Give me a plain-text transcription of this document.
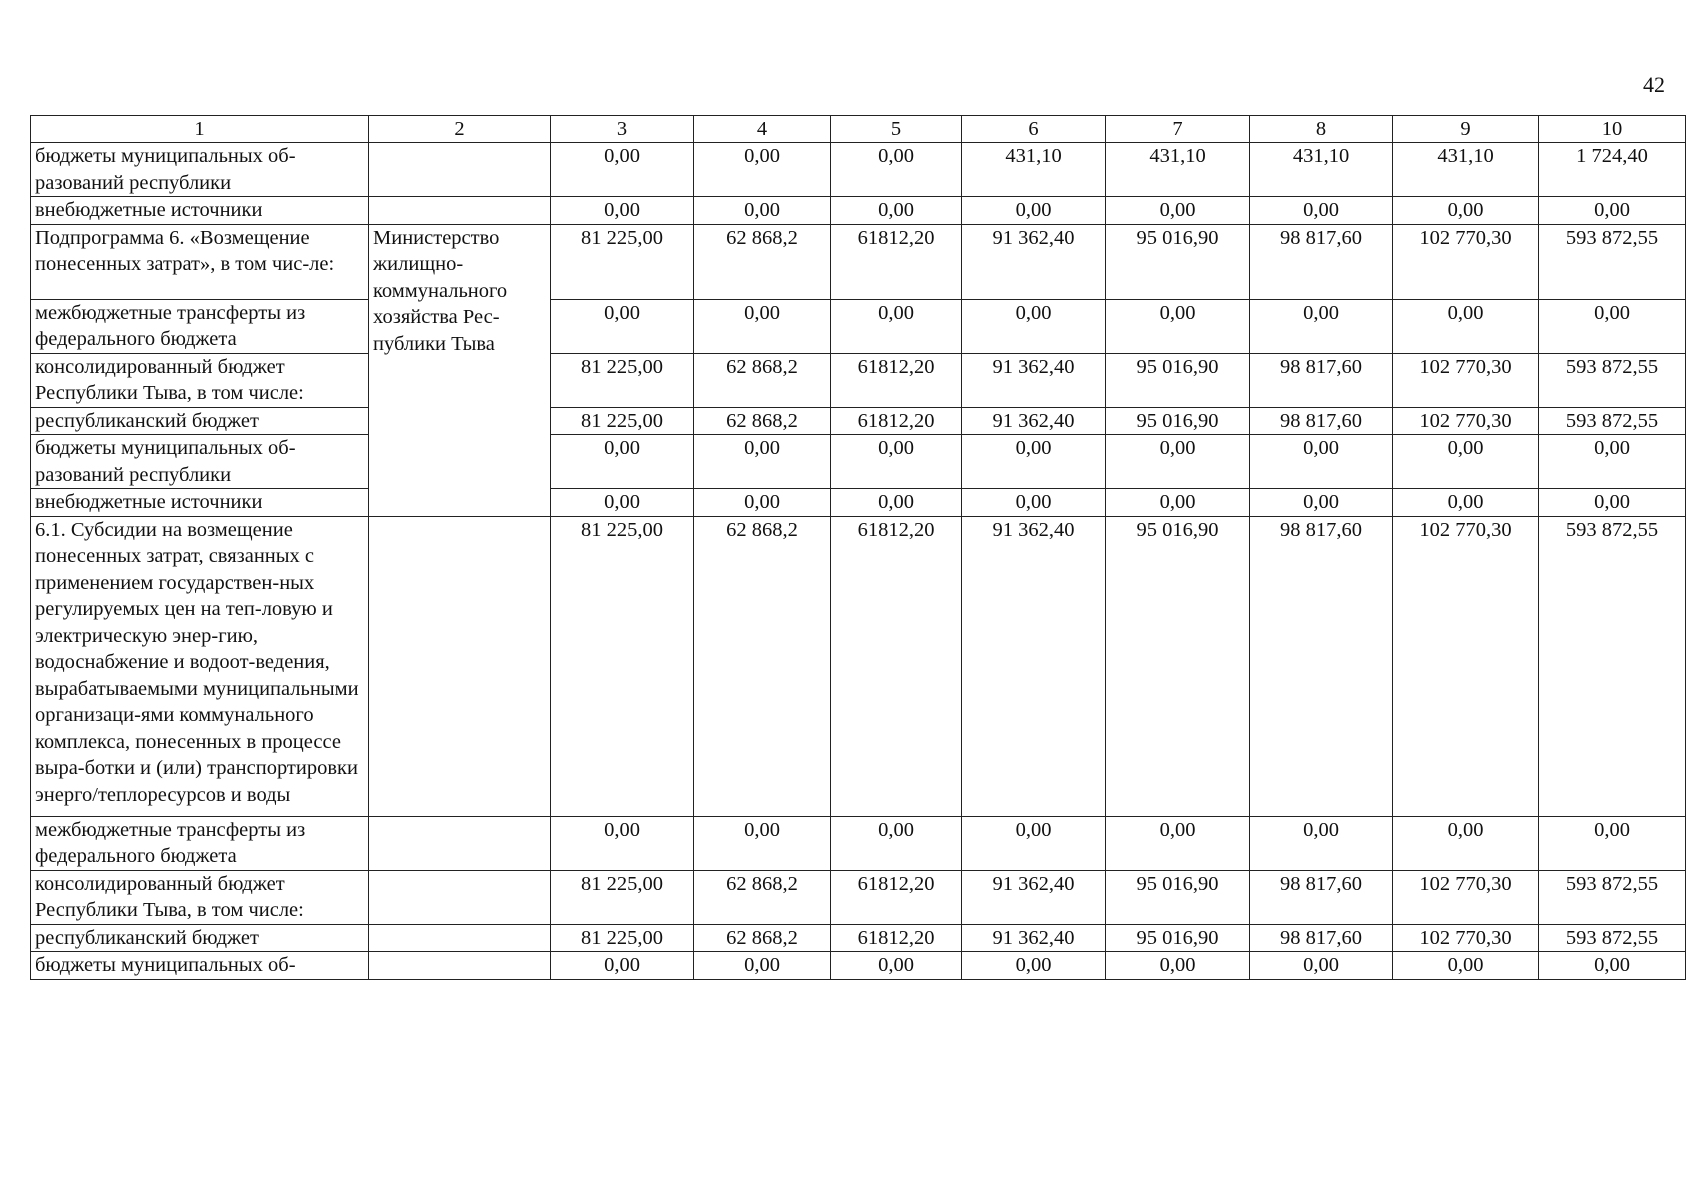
42
1	2	3	4	5	6	7	8	9	10
бюджеты муниципальных об-разований республики		0,00	0,00	0,00	431,10	431,10	431,10	431,10	1 724,40
внебюджетные источники		0,00	0,00	0,00	0,00	0,00	0,00	0,00	0,00
Подпрограмма 6. «Возмещение понесенных затрат», в том чис-ле:	Министерство жилищно-коммунального хозяйства Рес-публики Тыва	81 225,00	62 868,2	61812,20	91 362,40	95 016,90	98 817,60	102 770,30	593 872,55
межбюджетные трансферты из федерального бюджета		0,00	0,00	0,00	0,00	0,00	0,00	0,00	0,00
консолидированный бюджет Республики Тыва, в том числе:		81 225,00	62 868,2	61812,20	91 362,40	95 016,90	98 817,60	102 770,30	593 872,55
республиканский бюджет		81 225,00	62 868,2	61812,20	91 362,40	95 016,90	98 817,60	102 770,30	593 872,55
бюджеты муниципальных об-разований республики		0,00	0,00	0,00	0,00	0,00	0,00	0,00	0,00
внебюджетные источники		0,00	0,00	0,00	0,00	0,00	0,00	0,00	0,00
6.1. Субсидии на возмещение понесенных затрат, связанных с применением государствен-ных регулируемых цен на теп-ловую и электрическую энер-гию, водоснабжение и водоот-ведения, вырабатываемыми муниципальными организаци-ями коммунального комплекса, понесенных в процессе выра-ботки и (или) транспортировки энерго/теплоресурсов и воды		81 225,00	62 868,2	61812,20	91 362,40	95 016,90	98 817,60	102 770,30	593 872,55
межбюджетные трансферты из федерального бюджета		0,00	0,00	0,00	0,00	0,00	0,00	0,00	0,00
консолидированный бюджет Республики Тыва, в том числе:		81 225,00	62 868,2	61812,20	91 362,40	95 016,90	98 817,60	102 770,30	593 872,55
республиканский бюджет		81 225,00	62 868,2	61812,20	91 362,40	95 016,90	98 817,60	102 770,30	593 872,55
бюджеты муниципальных об-		0,00	0,00	0,00	0,00	0,00	0,00	0,00	0,00
